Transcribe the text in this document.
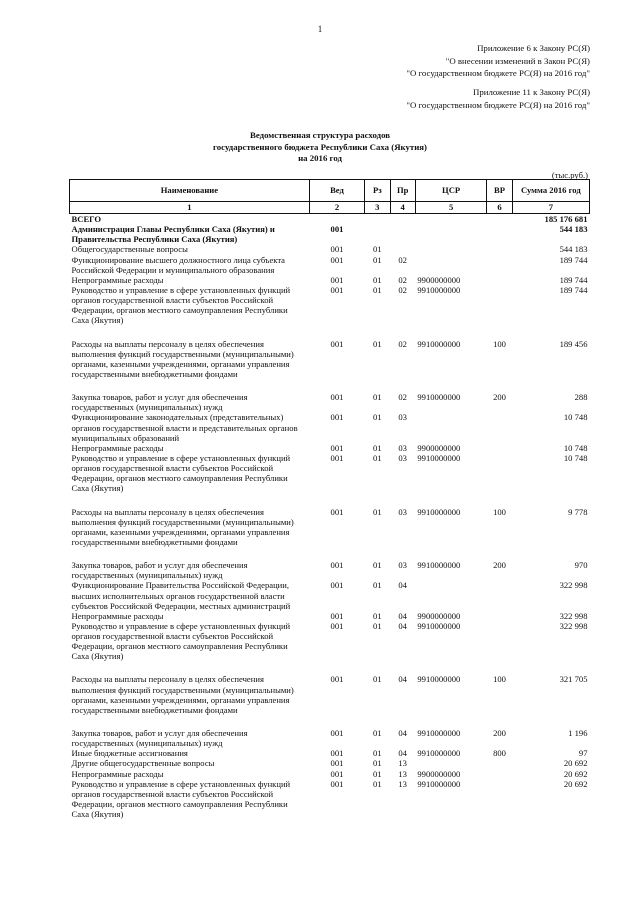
1
Приложение 6 к Закону РС(Я)
"О внесении изменений в Закон РС(Я)
"О государственном бюджете РС(Я) на 2016 год"
Приложение 11 к Закону РС(Я)
"О государственном бюджете РС(Я) на 2016 год"
Ведомственная структура расходов
государственного бюджета Республики Саха (Якутия)
на 2016 год
(тыс.руб.)
Наименование	Вед	Рз	Пр	ЦСР	ВР	Сумма 2016 год
1	2	3	4	5	6	7
ВСЕГО						185 176 681
Администрация Главы Республики Саха (Якутия) и Правительства Республики Саха (Якутия)	001					544 183
Общегосударственные вопросы	001	01				544 183
Функционирование высшего должностного лица субъекта Российской Федерации и муниципального образования	001	01	02			189 744
Непрограммные расходы	001	01	02	9900000000		189 744
Руководство и управление в сфере установленных функций органов государственной власти субъектов Российской Федерации, органов местного самоуправления Республики Саха (Якутия)	001	01	02	9910000000		189 744

Расходы на выплаты персоналу в целях обеспечения выполнения функций государственными (муниципальными) органами, казенными учреждениями, органами управления государственными внебюджетными фондами	001	01	02	9910000000	100	189 456

Закупка товаров, работ и услуг для обеспечения государственных (муниципальных) нужд	001	01	02	9910000000	200	288
Функционирование законодательных (представительных) органов государственной власти и представительных органов муниципальных образований	001	01	03			10 748
Непрограммные расходы	001	01	03	9900000000		10 748
Руководство и управление в сфере установленных функций органов государственной власти субъектов Российской Федерации, органов местного самоуправления Республики Саха (Якутия)	001	01	03	9910000000		10 748

Расходы на выплаты персоналу в целях обеспечения выполнения функций государственными (муниципальными) органами, казенными учреждениями, органами управления государственными внебюджетными фондами	001	01	03	9910000000	100	9 778

Закупка товаров, работ и услуг для обеспечения государственных (муниципальных) нужд	001	01	03	9910000000	200	970
Функционирование Правительства Российской Федерации, высших исполнительных органов государственной власти субъектов Российской Федерации, местных администраций	001	01	04			322 998
Непрограммные расходы	001	01	04	9900000000		322 998
Руководство и управление в сфере установленных функций органов государственной власти субъектов Российской Федерации, органов местного самоуправления Республики Саха (Якутия)	001	01	04	9910000000		322 998

Расходы на выплаты персоналу в целях обеспечения выполнения функций государственными (муниципальными) органами, казенными учреждениями, органами управления государственными внебюджетными фондами	001	01	04	9910000000	100	321 705

Закупка товаров, работ и услуг для обеспечения государственных (муниципальных) нужд	001	01	04	9910000000	200	1 196
Иные бюджетные ассигнования	001	01	04	9910000000	800	97
Другие общегосударственные вопросы	001	01	13			20 692
Непрограммные расходы	001	01	13	9900000000		20 692
Руководство и управление в сфере установленных функций органов государственной власти субъектов Российской Федерации, органов местного самоуправления Республики Саха (Якутия)	001	01	13	9910000000		20 692
